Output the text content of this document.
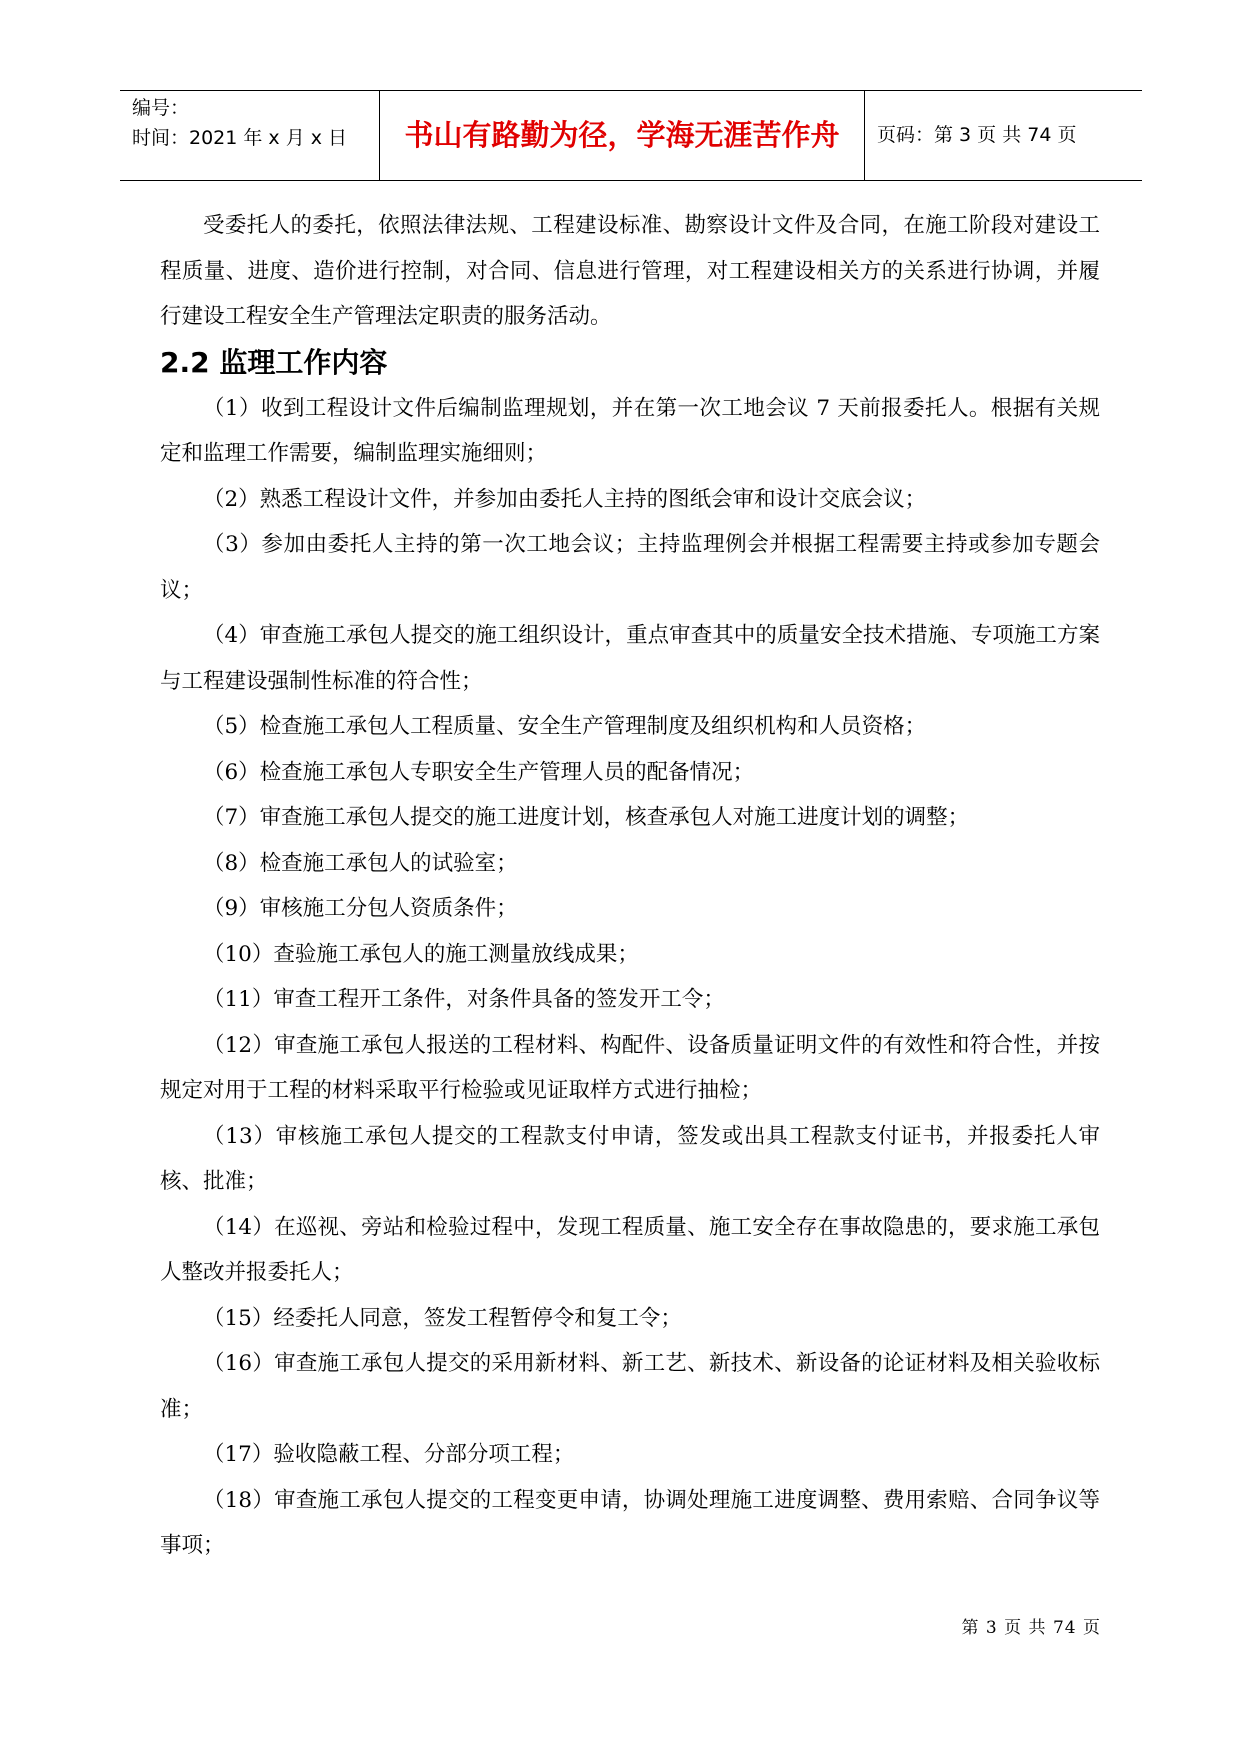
编号：
时间：2021 年 x 月 x 日	书山有路勤为径，学海无涯苦作舟	页码：第 3 页 共 74 页

受委托人的委托，依照法律法规、工程建设标准、勘察设计文件及合同，在施工阶段对建设工程质量、进度、造价进行控制，对合同、信息进行管理，对工程建设相关方的关系进行协调，并履行建设工程安全生产管理法定职责的服务活动。

2.2 监理工作内容

（1）收到工程设计文件后编制监理规划，并在第一次工地会议 7 天前报委托人。根据有关规定和监理工作需要，编制监理实施细则；

（2）熟悉工程设计文件，并参加由委托人主持的图纸会审和设计交底会议；

（3）参加由委托人主持的第一次工地会议；主持监理例会并根据工程需要主持或参加专题会议；

（4）审查施工承包人提交的施工组织设计，重点审查其中的质量安全技术措施、专项施工方案与工程建设强制性标准的符合性；

（5）检查施工承包人工程质量、安全生产管理制度及组织机构和人员资格；

（6）检查施工承包人专职安全生产管理人员的配备情况；

（7）审查施工承包人提交的施工进度计划，核查承包人对施工进度计划的调整；

（8）检查施工承包人的试验室；

（9）审核施工分包人资质条件；

（10）查验施工承包人的施工测量放线成果；

（11）审查工程开工条件，对条件具备的签发开工令；

（12）审查施工承包人报送的工程材料、构配件、设备质量证明文件的有效性和符合性，并按规定对用于工程的材料采取平行检验或见证取样方式进行抽检；

（13）审核施工承包人提交的工程款支付申请，签发或出具工程款支付证书，并报委托人审核、批准；

（14）在巡视、旁站和检验过程中，发现工程质量、施工安全存在事故隐患的，要求施工承包人整改并报委托人；

（15）经委托人同意，签发工程暂停令和复工令；

（16）审查施工承包人提交的采用新材料、新工艺、新技术、新设备的论证材料及相关验收标准；

（17）验收隐蔽工程、分部分项工程；

（18）审查施工承包人提交的工程变更申请，协调处理施工进度调整、费用索赔、合同争议等事项；

第 3 页 共 74 页
